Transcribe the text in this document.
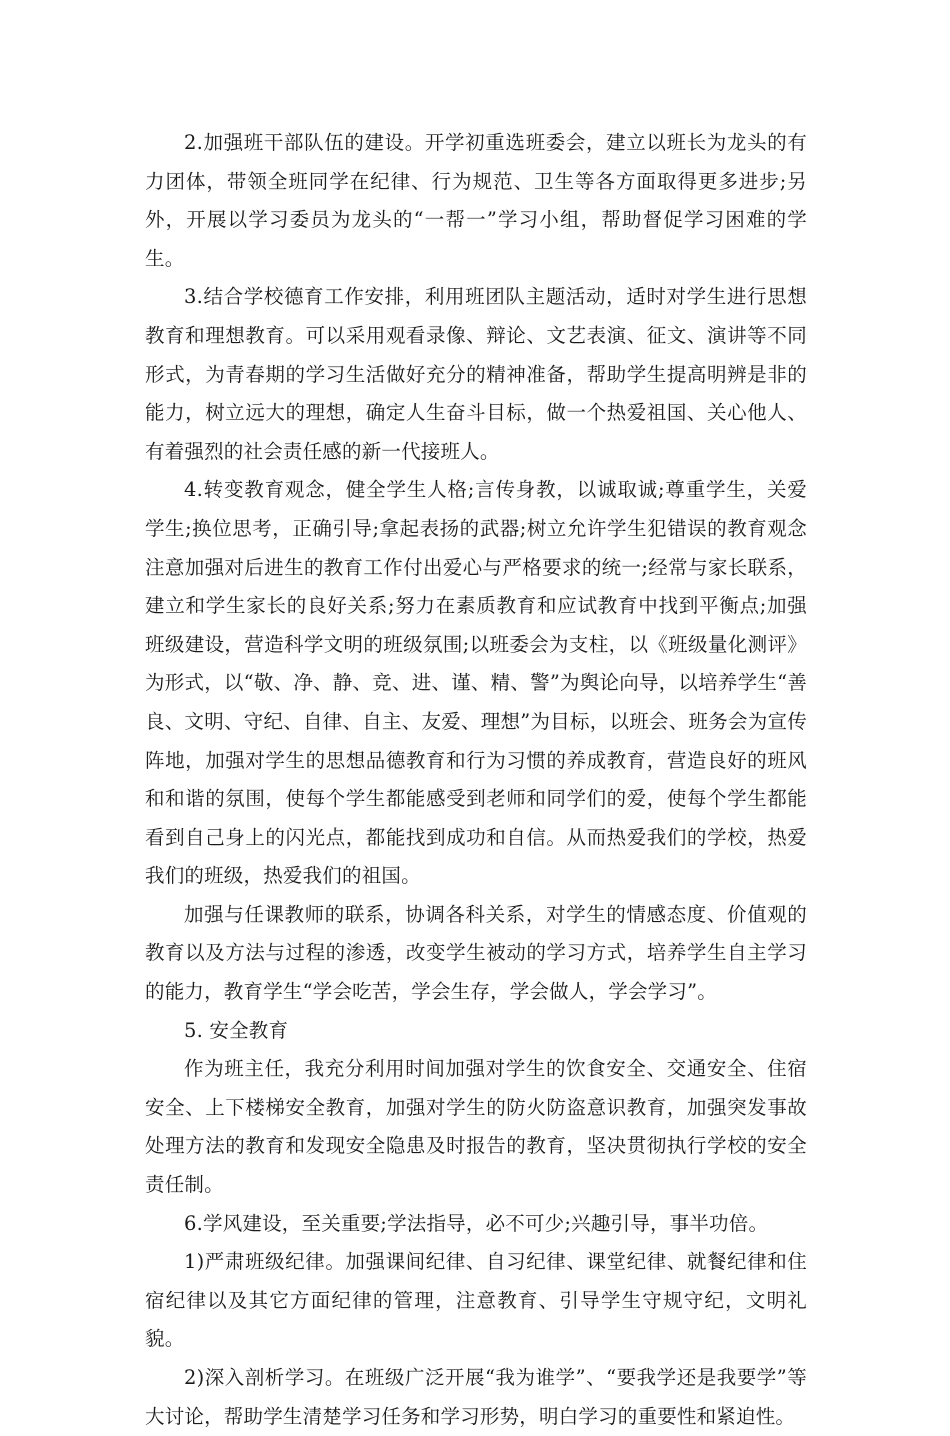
2.加强班干部队伍的建设。开学初重选班委会，建立以班长为龙头的有力团体，带领全班同学在纪律、行为规范、卫生等各方面取得更多进步;另外，开展以学习委员为龙头的“一帮一”学习小组，帮助督促学习困难的学生。

3.结合学校德育工作安排，利用班团队主题活动，适时对学生进行思想教育和理想教育。可以采用观看录像、辩论、文艺表演、征文、演讲等不同形式，为青春期的学习生活做好充分的精神准备，帮助学生提高明辨是非的能力，树立远大的理想，确定人生奋斗目标，做一个热爱祖国、关心他人、有着强烈的社会责任感的新一代接班人。

4.转变教育观念，健全学生人格;言传身教，以诚取诚;尊重学生，关爱学生;换位思考，正确引导;拿起表扬的武器;树立允许学生犯错误的教育观念注意加强对后进生的教育工作付出爱心与严格要求的统一;经常与家长联系，建立和学生家长的良好关系;努力在素质教育和应试教育中找到平衡点;加强班级建设，营造科学文明的班级氛围;以班委会为支柱，以《班级量化测评》为形式，以“敬、净、静、竞、进、谨、精、警”为舆论向导，以培养学生“善良、文明、守纪、自律、自主、友爱、理想”为目标，以班会、班务会为宣传阵地，加强对学生的思想品德教育和行为习惯的养成教育，营造良好的班风和和谐的氛围，使每个学生都能感受到老师和同学们的爱，使每个学生都能看到自己身上的闪光点，都能找到成功和自信。从而热爱我们的学校，热爱我们的班级，热爱我们的祖国。

加强与任课教师的联系，协调各科关系，对学生的情感态度、价值观的教育以及方法与过程的渗透，改变学生被动的学习方式，培养学生自主学习的能力，教育学生“学会吃苦，学会生存，学会做人，学会学习”。

5. 安全教育

作为班主任，我充分利用时间加强对学生的饮食安全、交通安全、住宿安全、上下楼梯安全教育，加强对学生的防火防盗意识教育，加强突发事故处理方法的教育和发现安全隐患及时报告的教育，坚决贯彻执行学校的安全责任制。

6.学风建设，至关重要;学法指导，必不可少;兴趣引导，事半功倍。

1)严肃班级纪律。加强课间纪律、自习纪律、课堂纪律、就餐纪律和住宿纪律以及其它方面纪律的管理，注意教育、引导学生守规守纪，文明礼貌。

2)深入剖析学习。在班级广泛开展“我为谁学”、“要我学还是我要学”等大讨论，帮助学生清楚学习任务和学习形势，明白学习的重要性和紧迫性。
